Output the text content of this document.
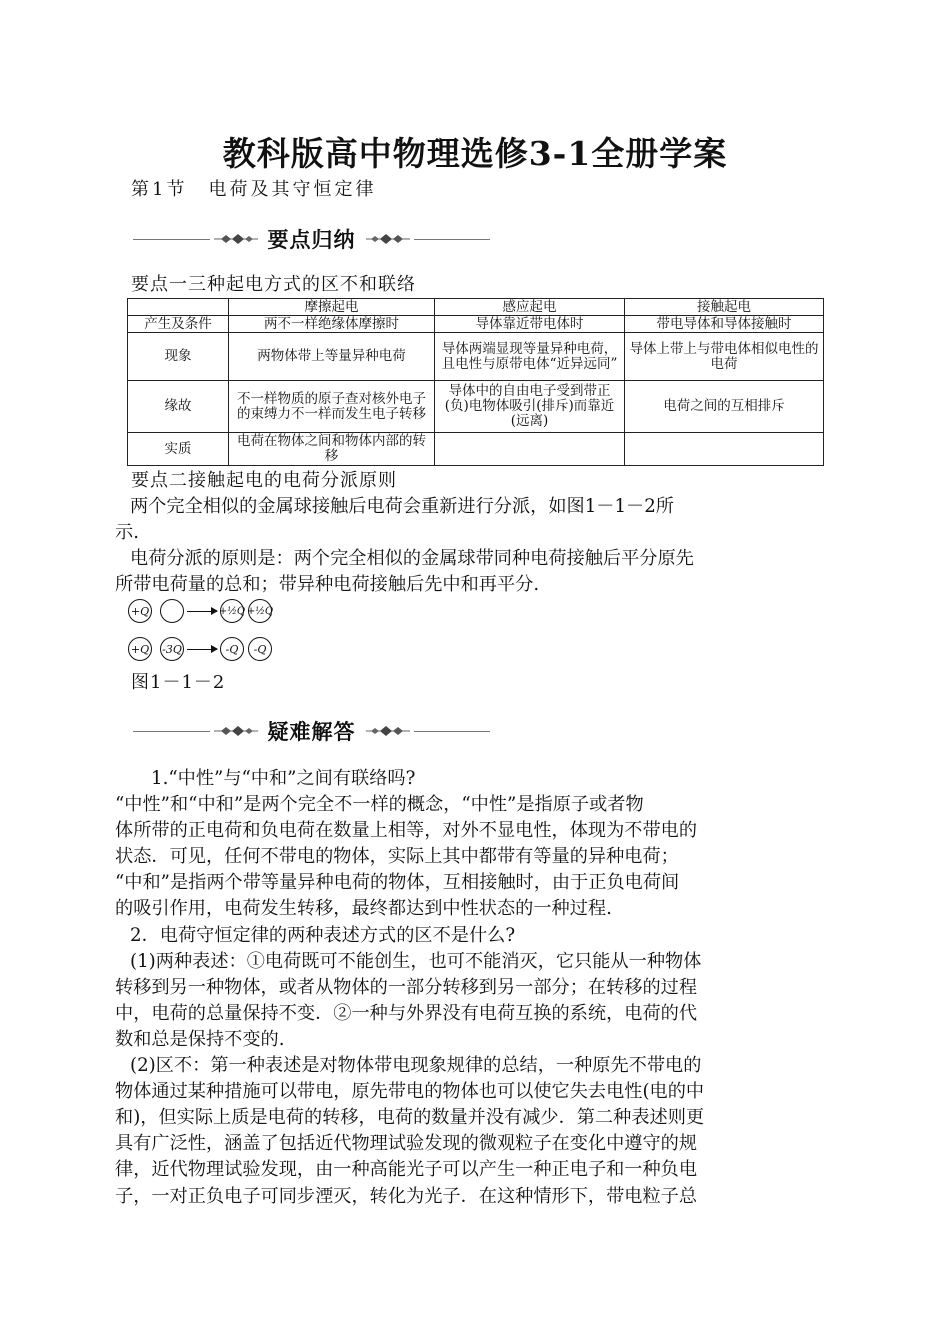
教科版高中物理选修3-1全册学案
第1节　电荷及其守恒定律
要点归纳
要点一三种起电方式的区不和联络
	摩擦起电	感应起电	接触起电
产生及条件	两不一样绝缘体摩擦时	导体靠近带电体时	带电导体和导体接触时
现象	两物体带上等量异种电荷	导体两端显现等量异种电荷，且电性与原带电体“近异远同”	导体上带上与带电体相似电性的电荷
缘故	不一样物质的原子查对核外电子的束缚力不一样而发生电子转移	导体中的自由电子受到带正(负)电物体吸引(排斥)而靠近(远离)	电荷之间的互相排斥
实质	电荷在物体之间和物体内部的转移		
要点二接触起电的电荷分派原则
两个完全相似的金属球接触后电荷会重新进行分派，如图1－1－2所
示.
电荷分派的原则是：两个完全相似的金属球带同种电荷接触后平分原先
所带电荷量的总和；带异种电荷接触后先中和再平分.
+Q	+½Q +½Q
+Q -3Q	-Q	-Q
图1－1－2
疑难解答
1.“中性”与“中和”之间有联络吗?
“中性”和“中和”是两个完全不一样的概念，“中性”是指原子或者物
体所带的正电荷和负电荷在数量上相等，对外不显电性，体现为不带电的
状态．可见，任何不带电的物体，实际上其中都带有等量的异种电荷；
“中和”是指两个带等量异种电荷的物体，互相接触时，由于正负电荷间
的吸引作用，电荷发生转移，最终都达到中性状态的一种过程.
2．电荷守恒定律的两种表述方式的区不是什么?
(1)两种表述：①电荷既可不能创生，也可不能消灭，它只能从一种物体
转移到另一种物体，或者从物体的一部分转移到另一部分；在转移的过程
中，电荷的总量保持不变．②一种与外界没有电荷互换的系统，电荷的代
数和总是保持不变的.
(2)区不：第一种表述是对物体带电现象规律的总结，一种原先不带电的
物体通过某种措施可以带电，原先带电的物体也可以使它失去电性(电的中
和)，但实际上质是电荷的转移，电荷的数量并没有减少．第二种表述则更
具有广泛性，涵盖了包括近代物理试验发现的微观粒子在变化中遵守的规
律，近代物理试验发现，由一种高能光子可以产生一种正电子和一种负电
子，一对正负电子可同步湮灭，转化为光子．在这种情形下，带电粒子总
